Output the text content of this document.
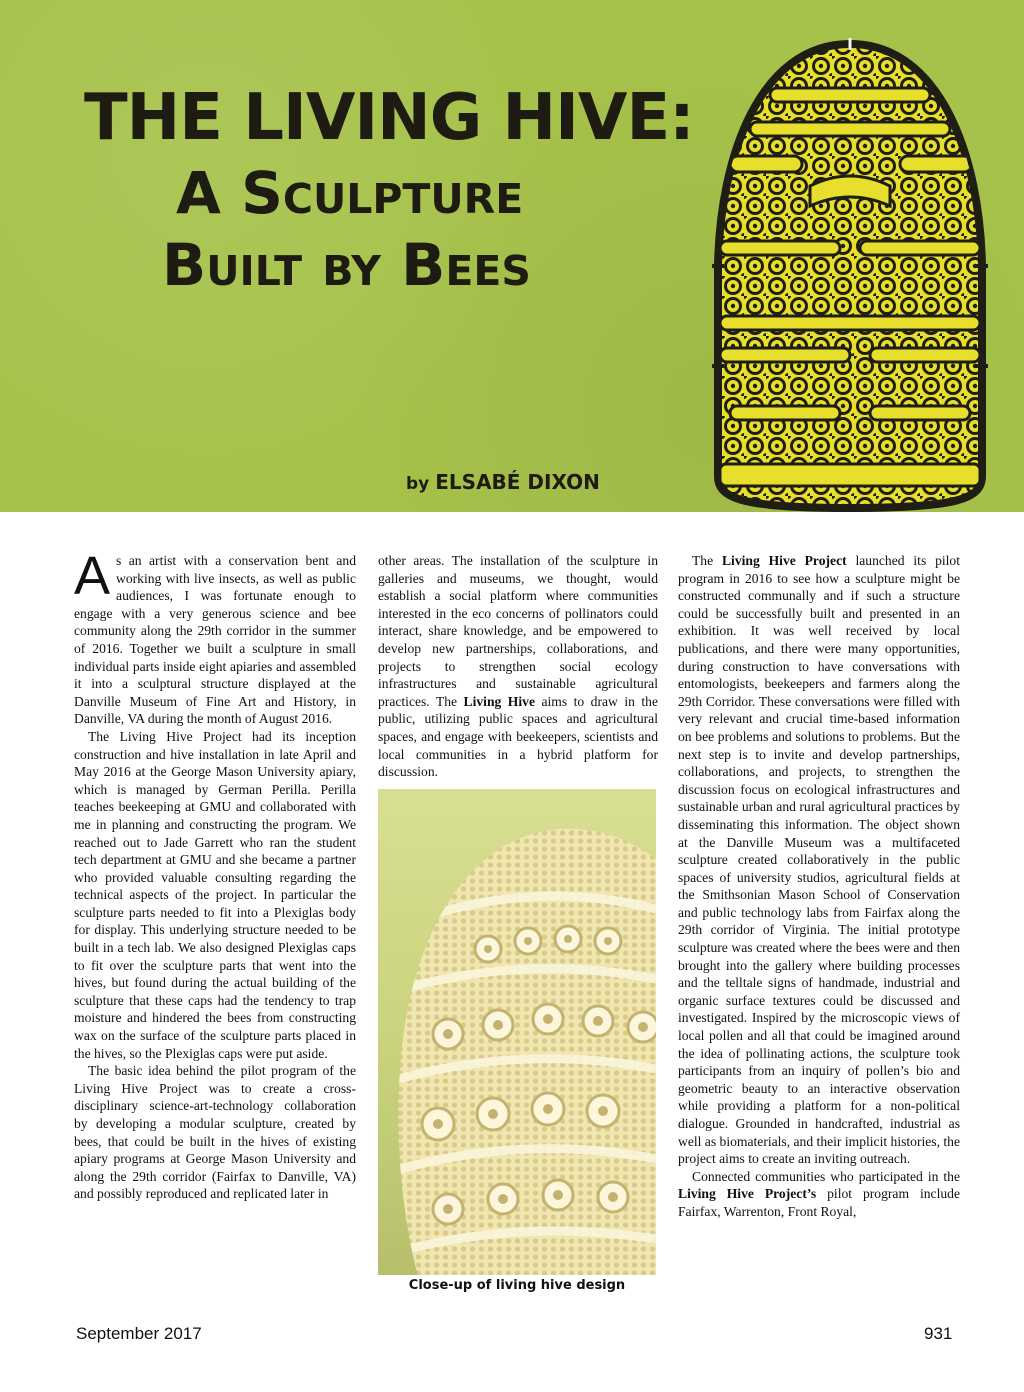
THE LIVING HIVE:
A Sculpture
Built by Bees
by ELSABÉ DIXON

As an artist with a conservation bent and working with live insects, as well as public audiences, I was fortunate enough to engage with a very generous science and bee community along the 29th corridor in the summer of 2016. Together we built a sculpture in small individual parts inside eight apiaries and assembled it into a sculptural structure displayed at the Danville Museum of Fine Art and History, in Danville, VA during the month of August 2016.

The Living Hive Project had its inception construction and hive installation in late April and May 2016 at the George Mason University apiary, which is managed by German Perilla. Perilla teaches beekeeping at GMU and collaborated with me in planning and constructing the program. We reached out to Jade Garrett who ran the student tech department at GMU and she became a partner who provided valuable consulting regarding the technical aspects of the project. In particular the sculpture parts needed to fit into a Plexiglas body for display. This underlying structure needed to be built in a tech lab. We also designed Plexiglas caps to fit over the sculpture parts that went into the hives, but found during the actual building of the sculpture that these caps had the tendency to trap moisture and hindered the bees from constructing wax on the surface of the sculpture parts placed in the hives, so the Plexiglas caps were put aside.

The basic idea behind the pilot program of the Living Hive Project was to create a cross-disciplinary science-art-technology collaboration by developing a modular sculpture, created by bees, that could be built in the hives of existing apiary programs at George Mason University and along the 29th corridor (Fairfax to Danville, VA) and possibly reproduced and replicated later in

other areas. The installation of the sculpture in galleries and museums, we thought, would establish a social platform where communities interested in the eco concerns of pollinators could interact, share knowledge, and be empowered to develop new partnerships, collaborations, and projects to strengthen social ecology infrastructures and sustainable agricultural practices. The Living Hive aims to draw in the public, utilizing public spaces and agricultural spaces, and engage with beekeepers, scientists and local communities in a hybrid platform for discussion.

Close-up of living hive design

The Living Hive Project launched its pilot program in 2016 to see how a sculpture might be constructed communally and if such a structure could be successfully built and presented in an exhibition. It was well received by local publications, and there were many opportunities, during construction to have conversations with entomologists, beekeepers and farmers along the 29th Corridor. These conversations were filled with very relevant and crucial time-based information on bee problems and solutions to problems. But the next step is to invite and develop partnerships, collaborations, and projects, to strengthen the discussion focus on ecological infrastructures and sustainable urban and rural agricultural practices by disseminating this information. The object shown at the Danville Museum was a multifaceted sculpture created collaboratively in the public spaces of university studios, agricultural fields at the Smithsonian Mason School of Conservation and public technology labs from Fairfax along the 29th corridor of Virginia. The initial prototype sculpture was created where the bees were and then brought into the gallery where building processes and the telltale signs of handmade, industrial and organic surface textures could be discussed and investigated. Inspired by the microscopic views of local pollen and all that could be imagined around the idea of pollinating actions, the sculpture took participants from an inquiry of pollen’s bio and geometric beauty to an interactive observation while providing a platform for a non-political dialogue. Grounded in handcrafted, industrial as well as biomaterials, and their implicit histories, the project aims to create an inviting outreach.

Connected communities who participated in the Living Hive Project’s pilot program include Fairfax, Warrenton, Front Royal,

September 2017	931
